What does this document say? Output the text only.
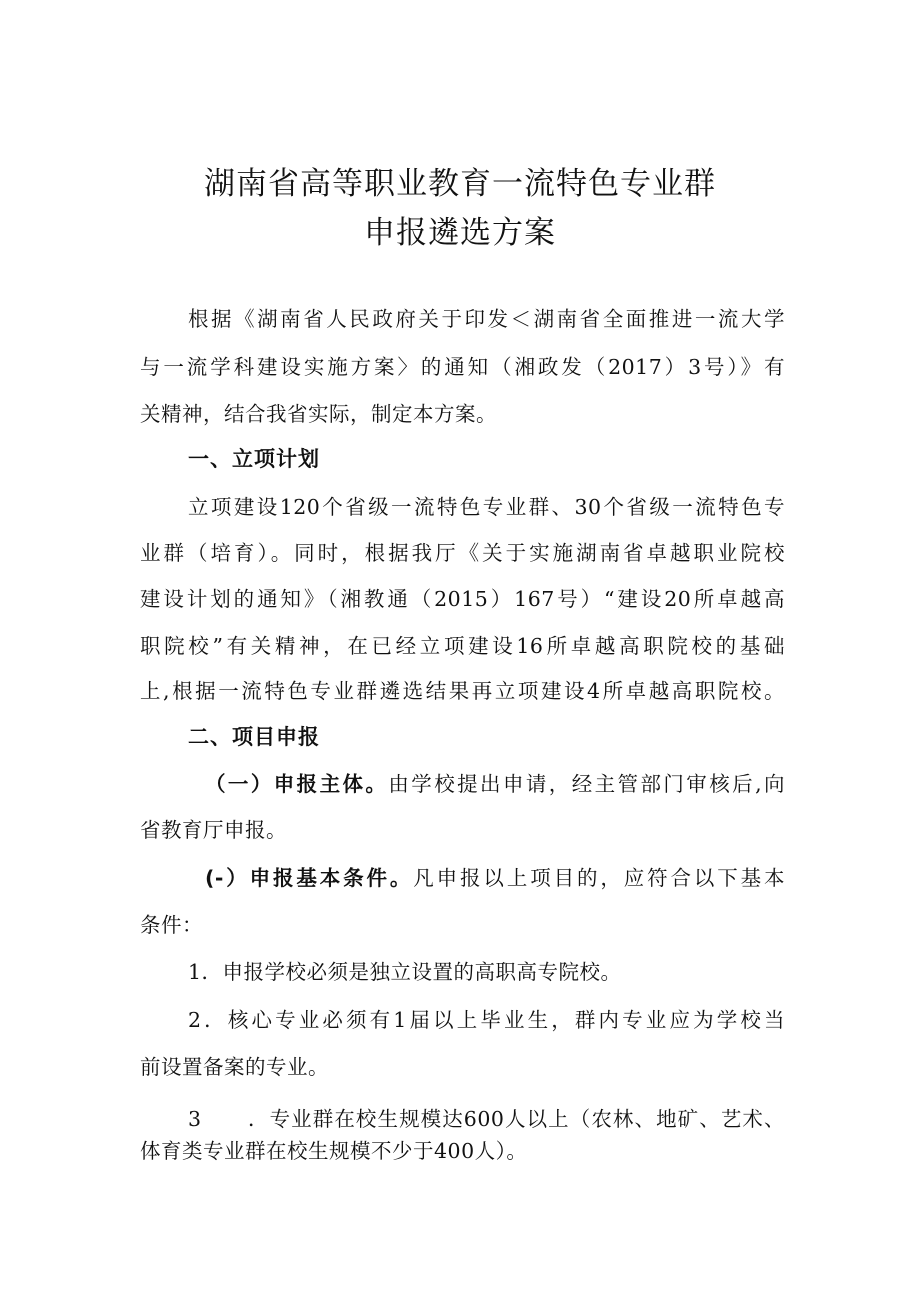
湖南省高等职业教育一流特色专业群
申报遴选方案
根据《湖南省人民政府关于印发＜湖南省全面推进一流大学
与一流学科建设实施方案〉的通知（湘政发（2017）3号）》有
关精神，结合我省实际，制定本方案。
一、立项计划
立项建设120个省级一流特色专业群、30个省级一流特色专
业群（培育）。同时，根据我厅《关于实施湖南省卓越职业院校
建设计划的通知》（湘教通（2015）167号）“建设20所卓越高
职院校”有关精神，在已经立项建设16所卓越高职院校的基础
上,根据一流特色专业群遴选结果再立项建设4所卓越高职院校。
二、项目申报
（一）申报主体。由学校提出申请，经主管部门审核后,向
省教育厅申报。
(-）申报基本条件。凡申报以上项目的，应符合以下基本
条件：
1．申报学校必须是独立设置的高职高专院校。
2．核心专业必须有1届以上毕业生，群内专业应为学校当
前设置备案的专业。
3 ．专业群在校生规模达600人以上（农林、地矿、艺术、
体育类专业群在校生规模不少于400人）。
